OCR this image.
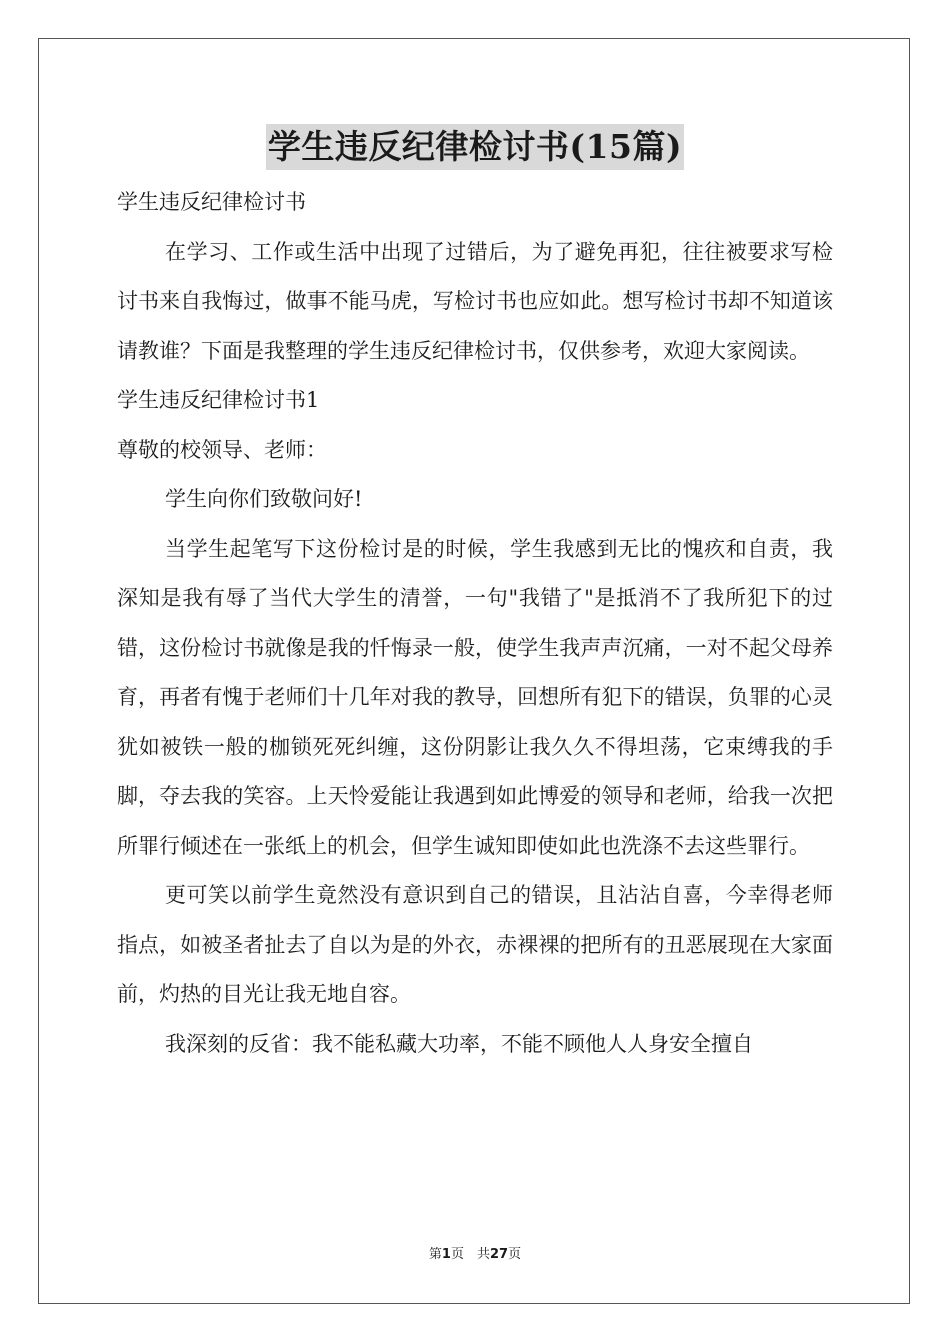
学生违反纪律检讨书(15篇)

学生违反纪律检讨书

在学习、工作或生活中出现了过错后，为了避免再犯，往往被要求写检讨书来自我悔过，做事不能马虎，写检讨书也应如此。想写检讨书却不知道该请教谁？下面是我整理的学生违反纪律检讨书，仅供参考，欢迎大家阅读。

学生违反纪律检讨书1

尊敬的校领导、老师：

学生向你们致敬问好!

当学生起笔写下这份检讨是的时候，学生我感到无比的愧疚和自责，我深知是我有辱了当代大学生的清誉，一句"我错了"是抵消不了我所犯下的过错，这份检讨书就像是我的忏悔录一般，使学生我声声沉痛，一对不起父母养育，再者有愧于老师们十几年对我的教导，回想所有犯下的错误，负罪的心灵犹如被铁一般的枷锁死死纠缠，这份阴影让我久久不得坦荡，它束缚我的手脚，夺去我的笑容。上天怜爱能让我遇到如此博爱的领导和老师，给我一次把所罪行倾述在一张纸上的机会，但学生诚知即使如此也洗涤不去这些罪行。

更可笑以前学生竟然没有意识到自己的错误，且沾沾自喜，今幸得老师指点，如被圣者扯去了自以为是的外衣，赤裸裸的把所有的丑恶展现在大家面前，灼热的目光让我无地自容。

我深刻的反省：我不能私藏大功率，不能不顾他人人身安全擅自

第1页　共27页
